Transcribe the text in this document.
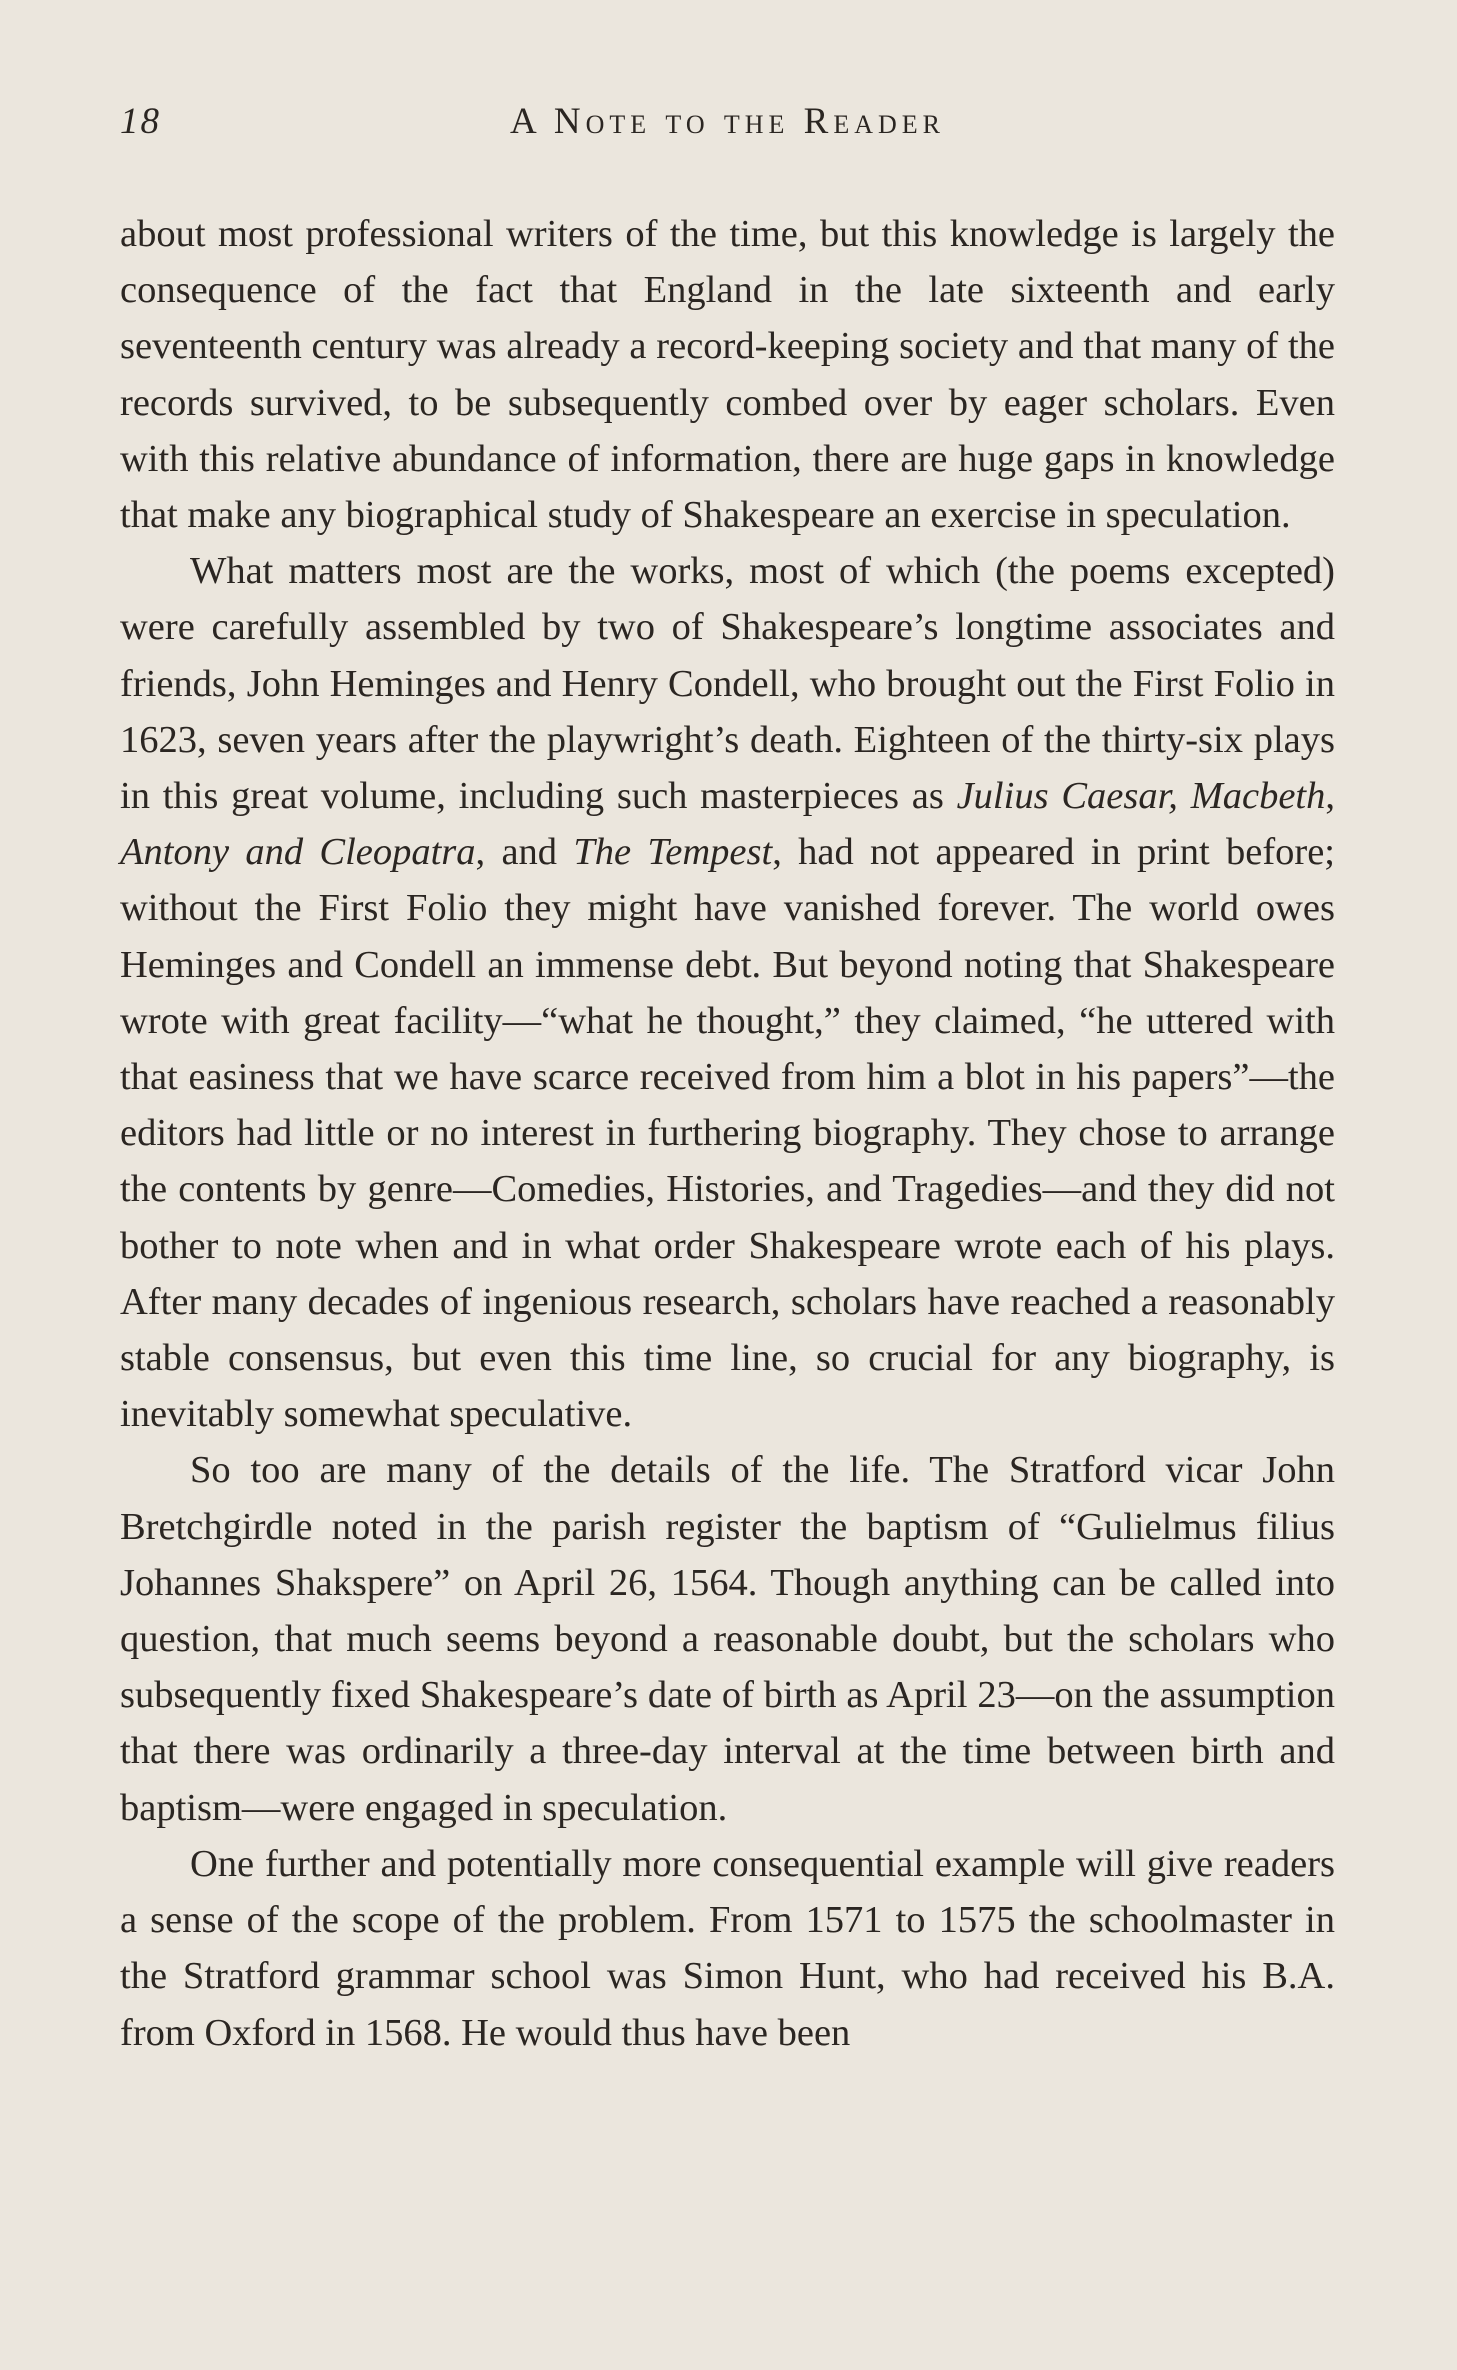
18	A Note to the Reader

about most professional writers of the time, but this knowledge is largely the consequence of the fact that England in the late sixteenth and early seventeenth century was already a record-keeping society and that many of the records survived, to be subsequently combed over by eager scholars. Even with this relative abundance of information, there are huge gaps in knowledge that make any biographical study of Shakespeare an exercise in speculation.

What matters most are the works, most of which (the poems excepted) were carefully assembled by two of Shakespeare’s longtime associates and friends, John Heminges and Henry Condell, who brought out the First Folio in 1623, seven years after the playwright’s death. Eighteen of the thirty-six plays in this great volume, including such masterpieces as Julius Caesar, Macbeth, Antony and Cleopatra, and The Tempest, had not appeared in print before; without the First Folio they might have vanished forever. The world owes Heminges and Condell an immense debt. But beyond noting that Shakespeare wrote with great facility—“what he thought,” they claimed, “he uttered with that easiness that we have scarce received from him a blot in his papers”—the editors had little or no interest in furthering biography. They chose to arrange the contents by genre—Comedies, Histories, and Tragedies—and they did not bother to note when and in what order Shakespeare wrote each of his plays. After many decades of ingenious research, scholars have reached a reasonably stable consensus, but even this time line, so crucial for any biography, is inevitably somewhat speculative.

So too are many of the details of the life. The Stratford vicar John Bretchgirdle noted in the parish register the baptism of “Gulielmus filius Johannes Shakspere” on April 26, 1564. Though anything can be called into question, that much seems beyond a reasonable doubt, but the scholars who subsequently fixed Shakespeare’s date of birth as April 23—on the assumption that there was ordinarily a three-day interval at the time between birth and baptism—were engaged in speculation.

One further and potentially more consequential example will give readers a sense of the scope of the problem. From 1571 to 1575 the schoolmaster in the Stratford grammar school was Simon Hunt, who had received his B.A. from Oxford in 1568. He would thus have been
